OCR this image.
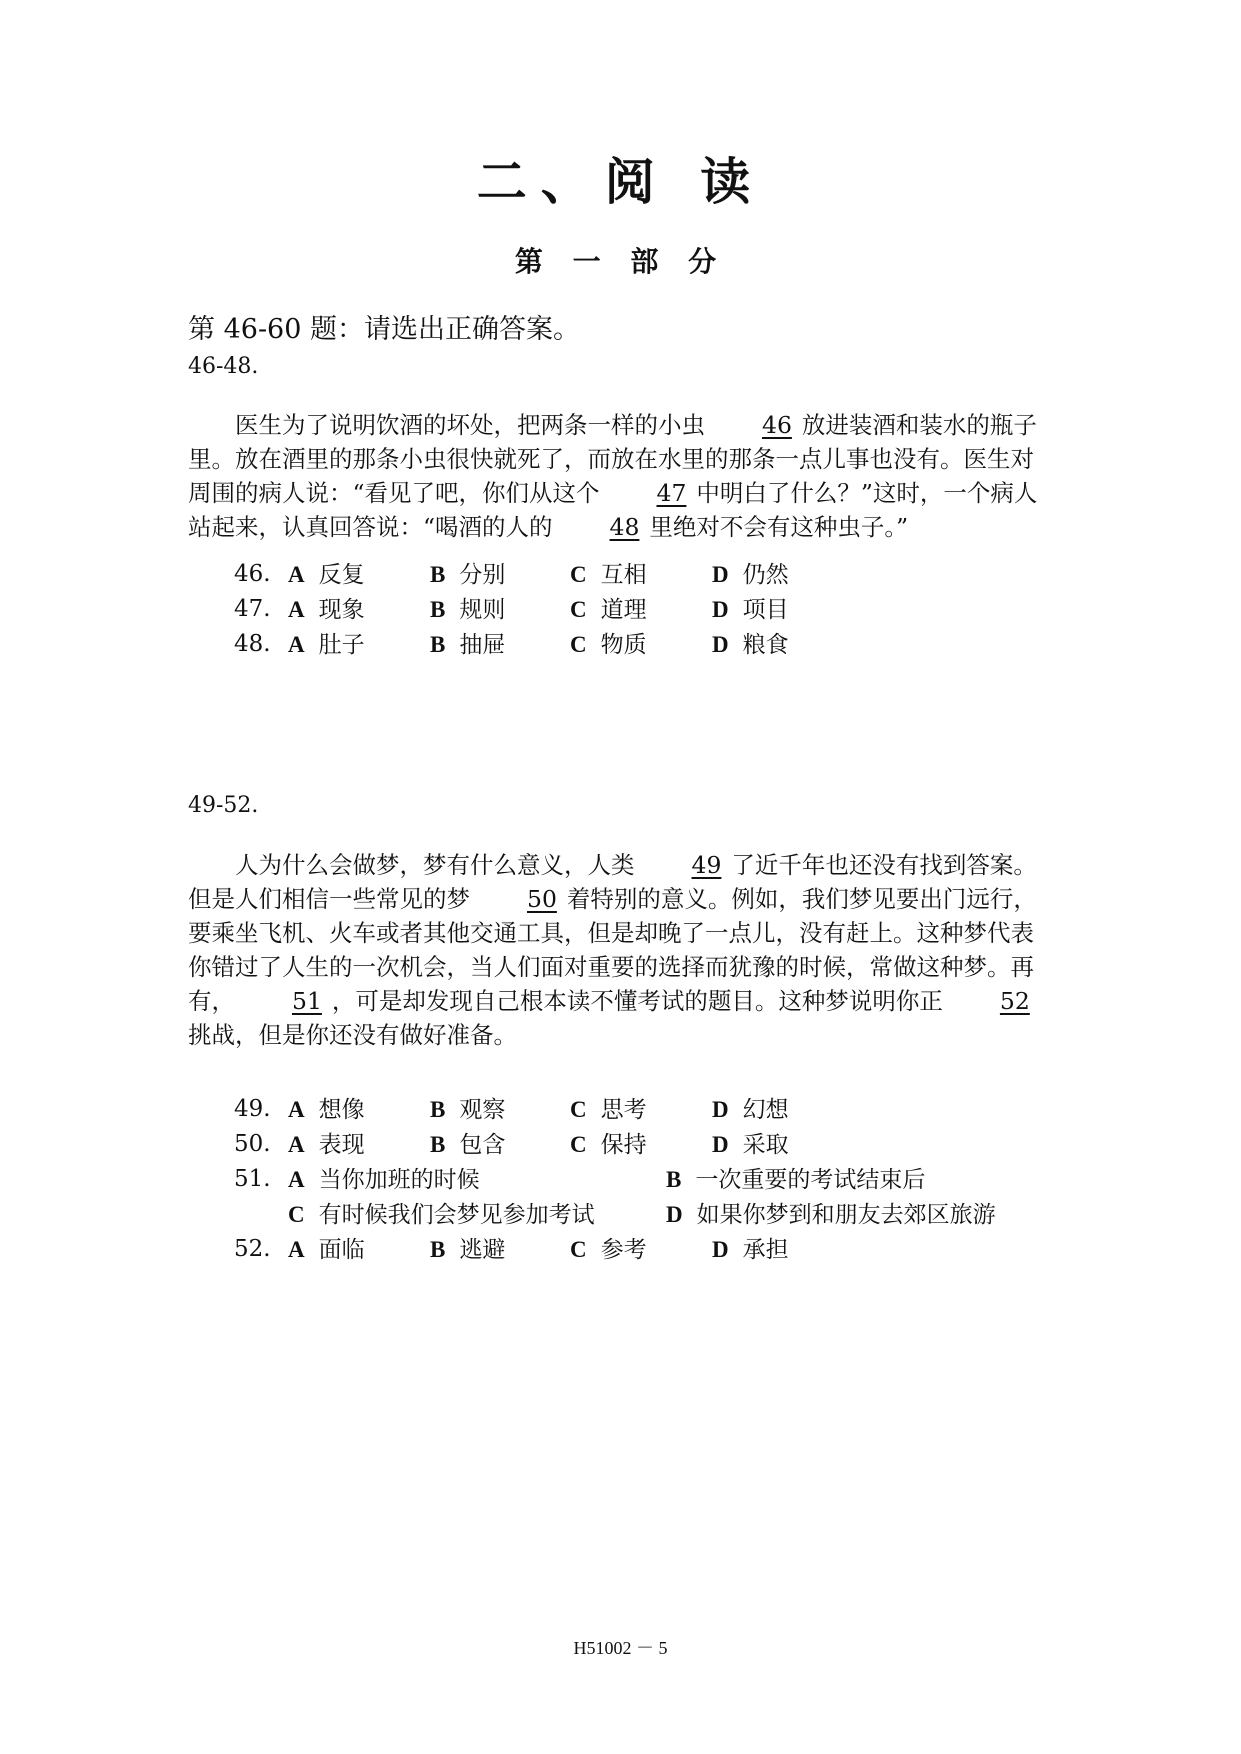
二、阅 读
第 一 部 分
第 46-60 题：请选出正确答案。
46-48.

医生为了说明饮酒的坏处，把两条一样的小虫 46 放进装酒和装水的瓶子里。放在酒里的那条小虫很快就死了，而放在水里的那条一点儿事也没有。医生对周围的病人说：“看见了吧，你们从这个 47 中明白了什么？”这时，一个病人站起来，认真回答说：“喝酒的人的 48 里绝对不会有这种虫子。”

46. A 反复	B 分别	C 互相	D 仍然
47. A 现象	B 规则	C 道理	D 项目
48. A 肚子	B 抽屉	C 物质	D 粮食
49-52.

人为什么会做梦，梦有什么意义，人类 49 了近千年也还没有找到答案。但是人们相信一些常见的梦 50 着特别的意义。例如，我们梦见要出门远行，要乘坐飞机、火车或者其他交通工具，但是却晚了一点儿，没有赶上。这种梦代表你错过了人生的一次机会，当人们面对重要的选择而犹豫的时候，常做这种梦。再有， 51 ，可是却发现自己根本读不懂考试的题目。这种梦说明你正 52挑战，但是你还没有做好准备。

49. A 想像	B 观察	C 思考	D 幻想
50. A 表现	B 包含	C 保持	D 采取
51. A 当你加班的时候	B 一次重要的考试结束后
C 有时候我们会梦见参加考试	D 如果你梦到和朋友去郊区旅游
52. A 面临	B 逃避	C 参考	D 承担
H51002 － 5
